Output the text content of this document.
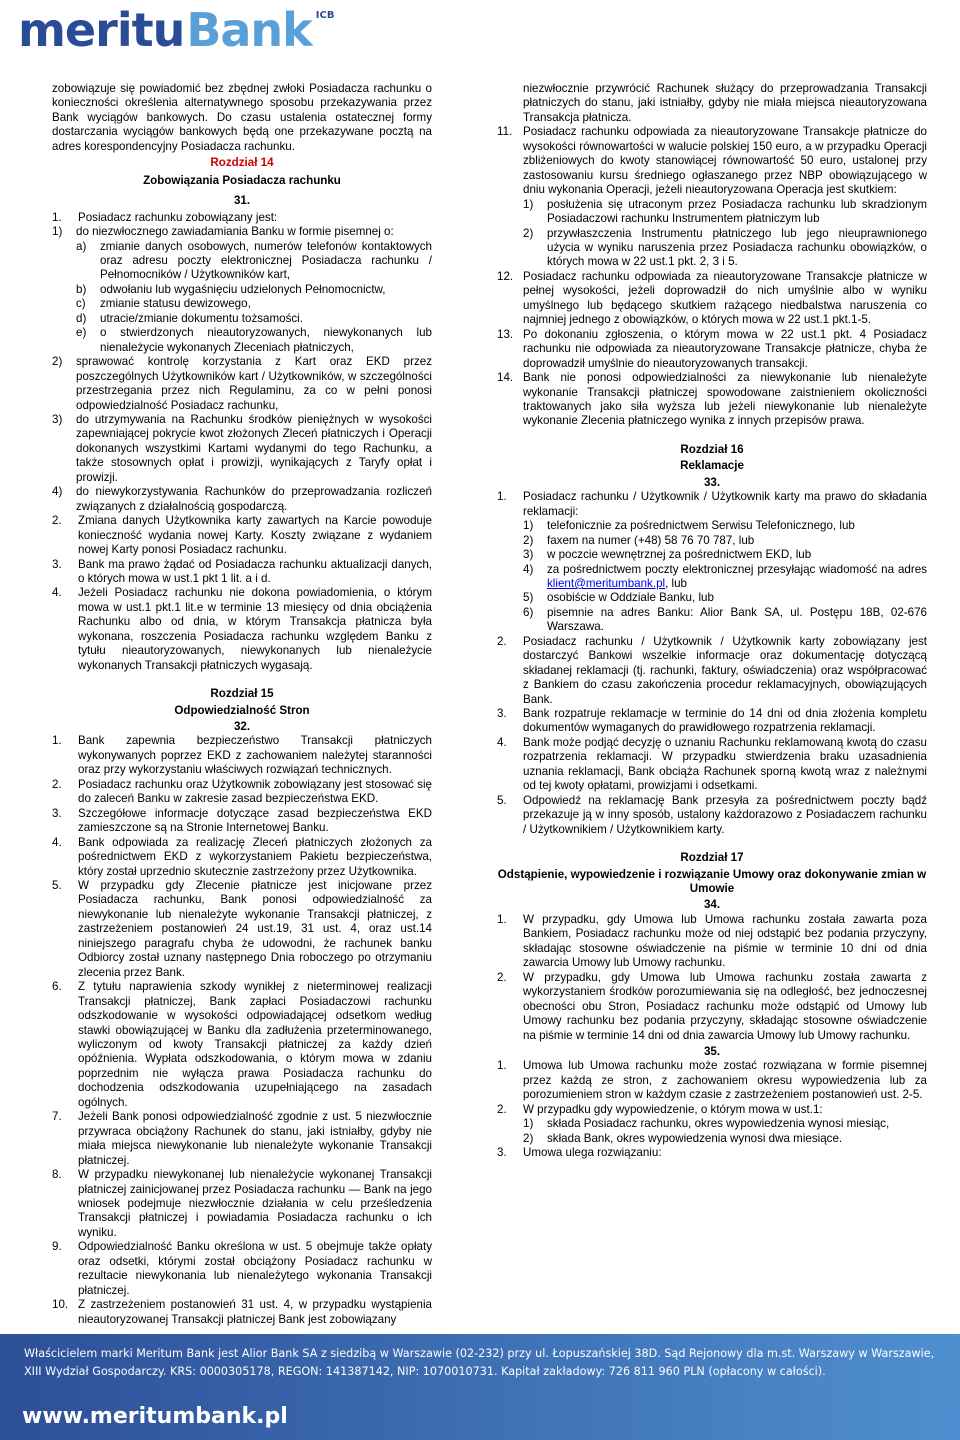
meritu Bank ICB

zobowiązuje się powiadomić bez zbędnej zwłoki Posiadacza rachunku o konieczności określenia alternatywnego sposobu przekazywania przez Bank wyciągów bankowych. Do czasu ustalenia ostatecznej formy dostarczania wyciągów bankowych będą one przekazywane pocztą na adres korespondencyjny Posiadacza rachunku.

Rozdział 14

Zobowiązania Posiadacza rachunku

31.

1.	Posiadacz rachunku zobowiązany jest:
1)	do niezwłocznego zawiadamiania Banku w formie pisemnej o:
a)	zmianie danych osobowych, numerów telefonów kontaktowych oraz adresu poczty elektronicznej Posiadacza rachunku / Pełnomocników / Użytkowników kart,
b)	odwołaniu lub wygaśnięciu udzielonych Pełnomocnictw,
c)	zmianie statusu dewizowego,
d)	utracie/zmianie dokumentu tożsamości.
e)	o stwierdzonych nieautoryzowanych, niewykonanych lub nienależycie wykonanych Zleceniach płatniczych,
2)	sprawować kontrolę korzystania z Kart oraz EKD przez poszczególnych Użytkowników kart / Użytkowników, w szczególności przestrzegania przez nich Regulaminu, za co w pełni ponosi odpowiedzialność Posiadacz rachunku,
3)	do utrzymywania na Rachunku środków pieniężnych w wysokości zapewniającej pokrycie kwot złożonych Zleceń płatniczych i Operacji dokonanych wszystkimi Kartami wydanymi do tego Rachunku, a także stosownych opłat i prowizji, wynikających z Taryfy opłat i prowizji.
4)	do niewykorzystywania Rachunków do przeprowadzania rozliczeń związanych z działalnością gospodarczą.
2.	Zmiana danych Użytkownika karty zawartych na Karcie powoduje konieczność wydania nowej Karty. Koszty związane z wydaniem nowej Karty ponosi Posiadacz rachunku.
3.	Bank ma prawo żądać od Posiadacza rachunku aktualizacji danych, o których mowa w ust.1 pkt 1 lit. a i d.
4.	Jeżeli Posiadacz rachunku nie dokona powiadomienia, o którym mowa w ust.1 pkt.1 lit.e w terminie 13 miesięcy od dnia obciążenia Rachunku albo od dnia, w którym Transakcja płatnicza była wykonana, roszczenia Posiadacza rachunku względem Banku z tytułu nieautoryzowanych, niewykonanych lub nienależycie wykonanych Transakcji płatniczych wygasają.

Rozdział 15

Odpowiedzialność Stron

32.

1.	Bank zapewnia bezpieczeństwo Transakcji płatniczych wykonywanych poprzez EKD z zachowaniem należytej staranności oraz przy wykorzystaniu właściwych rozwiązań technicznych.
2.	Posiadacz rachunku oraz Użytkownik zobowiązany jest stosować się do zaleceń Banku w zakresie zasad bezpieczeństwa EKD.
3.	Szczegółowe informacje dotyczące zasad bezpieczeństwa EKD zamieszczone są na Stronie Internetowej Banku.
4.	Bank odpowiada za realizację Zleceń płatniczych złożonych za pośrednictwem EKD z wykorzystaniem Pakietu bezpieczeństwa, który został uprzednio skutecznie zastrzeżony przez Użytkownika.
5.	W przypadku gdy Zlecenie płatnicze jest inicjowane przez Posiadacza rachunku, Bank ponosi odpowiedzialność za niewykonanie lub nienależyte wykonanie Transakcji płatniczej, z zastrzeżeniem postanowień 24 ust.19, 31 ust. 4, oraz ust.14 niniejszego paragrafu chyba że udowodni, że rachunek banku Odbiorcy został uznany następnego Dnia roboczego po otrzymaniu zlecenia przez Bank.
6.	Z tytułu naprawienia szkody wynikłej z nieterminowej realizacji Transakcji płatniczej, Bank zapłaci Posiadaczowi rachunku odszkodowanie w wysokości odpowiadającej odsetkom według stawki obowiązującej w Banku dla zadłużenia przeterminowanego, wyliczonym od kwoty Transakcji płatniczej za każdy dzień opóźnienia. Wypłata odszkodowania, o którym mowa w zdaniu poprzednim nie wyłącza prawa Posiadacza rachunku do dochodzenia odszkodowania uzupełniającego na zasadach ogólnych.
7.	Jeżeli Bank ponosi odpowiedzialność zgodnie z ust. 5 niezwłocznie przywraca obciążony Rachunek do stanu, jaki istniałby, gdyby nie miała miejsca niewykonanie lub nienależyte wykonanie Transakcji płatniczej.
8.	W przypadku niewykonanej lub nienależycie wykonanej Transakcji płatniczej zainicjowanej przez Posiadacza rachunku — Bank na jego wniosek podejmuje niezwłocznie działania w celu prześledzenia Transakcji płatniczej i powiadamia Posiadacza rachunku o ich wyniku.
9.	Odpowiedzialność Banku określona w ust. 5 obejmuje także opłaty oraz odsetki, którymi został obciążony Posiadacz rachunku w rezultacie niewykonania lub nienależytego wykonania Transakcji płatniczej.
10. Z zastrzeżeniem postanowień 31 ust. 4, w przypadku wystąpienia nieautoryzowanej Transakcji płatniczej Bank jest zobowiązany

niezwłocznie przywrócić Rachunek służący do przeprowadzania Transakcji płatniczych do stanu, jaki istniałby, gdyby nie miała miejsca nieautoryzowana Transakcja płatnicza.

11. Posiadacz rachunku odpowiada za nieautoryzowane Transakcje płatnicze do wysokości równowartości w walucie polskiej 150 euro, a w przypadku Operacji zbliżeniowych do kwoty stanowiącej równowartość 50 euro, ustalonej przy zastosowaniu kursu średniego ogłaszanego przez NBP obowiązującego w dniu wykonania Operacji, jeżeli nieautoryzowana Operacja jest skutkiem:
1)	posłużenia się utraconym przez Posiadacza rachunku lub skradzionym Posiadaczowi rachunku Instrumentem płatniczym lub
2)	przywłaszczenia Instrumentu płatniczego lub jego nieuprawnionego użycia w wyniku naruszenia przez Posiadacza rachunku obowiązków, o których mowa w 22 ust.1 pkt. 2, 3 i 5.
12. Posiadacz rachunku odpowiada za nieautoryzowane Transakcje płatnicze w pełnej wysokości, jeżeli doprowadził do nich umyślnie albo w wyniku umyślnego lub będącego skutkiem rażącego niedbalstwa naruszenia co najmniej jednego z obowiązków, o których mowa w 22 ust.1 pkt.1-5.
13. Po dokonaniu zgłoszenia, o którym mowa w 22 ust.1 pkt. 4 Posiadacz rachunku nie odpowiada za nieautoryzowane Transakcje płatnicze, chyba że doprowadził umyślnie do nieautoryzowanych transakcji.
14. Bank nie ponosi odpowiedzialności za niewykonanie lub nienależyte wykonanie Transakcji płatniczej spowodowane zaistnieniem okoliczności traktowanych jako siła wyższa lub jeżeli niewykonanie lub nienależyte wykonanie Zlecenia płatniczego wynika z innych przepisów prawa.

Rozdział 16

Reklamacje

33.

1.	Posiadacz rachunku / Użytkownik / Użytkownik karty ma prawo do składania reklamacji:
1)	telefonicznie za pośrednictwem Serwisu Telefonicznego, lub
2)	faxem na numer (+48) 58 76 70 787, lub
3)	w poczcie wewnętrznej za pośrednictwem EKD, lub
4)	za pośrednictwem poczty elektronicznej przesyłając wiadomość na adres klient@meritumbank.pl, lub
5)	osobiście w Oddziale Banku, lub
6)	pisemnie na adres Banku: Alior Bank SA, ul. Postępu 18B, 02-676 Warszawa.
2.	Posiadacz rachunku / Użytkownik / Użytkownik karty zobowiązany jest dostarczyć Bankowi wszelkie informacje oraz dokumentację dotyczącą składanej reklamacji (tj. rachunki, faktury, oświadczenia) oraz współpracować z Bankiem do czasu zakończenia procedur reklamacyjnych, obowiązujących Bank.
3.	Bank rozpatruje reklamacje w terminie do 14 dni od dnia złożenia kompletu dokumentów wymaganych do prawidłowego rozpatrzenia reklamacji.
4.	Bank może podjąć decyzję o uznaniu Rachunku reklamowaną kwotą do czasu rozpatrzenia reklamacji. W przypadku stwierdzenia braku uzasadnienia uznania reklamacji, Bank obciąża Rachunek sporną kwotą wraz z należnymi od tej kwoty opłatami, prowizjami i odsetkami.
5.	Odpowiedź na reklamację Bank przesyła za pośrednictwem poczty bądź przekazuje ją w inny sposób, ustalony każdorazowo z Posiadaczem rachunku / Użytkownikiem / Użytkownikiem karty.

Rozdział 17

Odstąpienie, wypowiedzenie i rozwiązanie Umowy oraz dokonywanie zmian w Umowie

34.

1.	W przypadku, gdy Umowa lub Umowa rachunku została zawarta poza Bankiem, Posiadacz rachunku może od niej odstąpić bez podania przyczyny, składając stosowne oświadczenie na piśmie w terminie 10 dni od dnia zawarcia Umowy lub Umowy rachunku.
2.	W przypadku, gdy Umowa lub Umowa rachunku została zawarta z wykorzystaniem środków porozumiewania się na odległość, bez jednoczesnej obecności obu Stron, Posiadacz rachunku może odstąpić od Umowy lub Umowy rachunku bez podania przyczyny, składając stosowne oświadczenie na piśmie w terminie 14 dni od dnia zawarcia Umowy lub Umowy rachunku.

35.

1.	Umowa lub Umowa rachunku może zostać rozwiązana w formie pisemnej przez każdą ze stron, z zachowaniem okresu wypowiedzenia lub za porozumieniem stron w każdym czasie z zastrzeżeniem postanowień ust. 2-5.
2.	W przypadku gdy wypowiedzenie, o którym mowa w ust.1:
1)	składa Posiadacz rachunku, okres wypowiedzenia wynosi miesiąc,
2)	składa Bank, okres wypowiedzenia wynosi dwa miesiące.
3.	Umowa ulega rozwiązaniu:
Właścicielem marki Meritum Bank jest Alior Bank SA z siedzibą w Warszawie (02-232) przy ul. Łopuszańskiej 38D. Sąd Rejonowy dla m.st. Warszawy w Warszawie,
XIII Wydział Gospodarczy. KRS: 0000305178, REGON: 141387142, NIP: 1070010731. Kapitał zakładowy: 726 811 960 PLN (opłacony w całości).
www.meritumbank.pl
